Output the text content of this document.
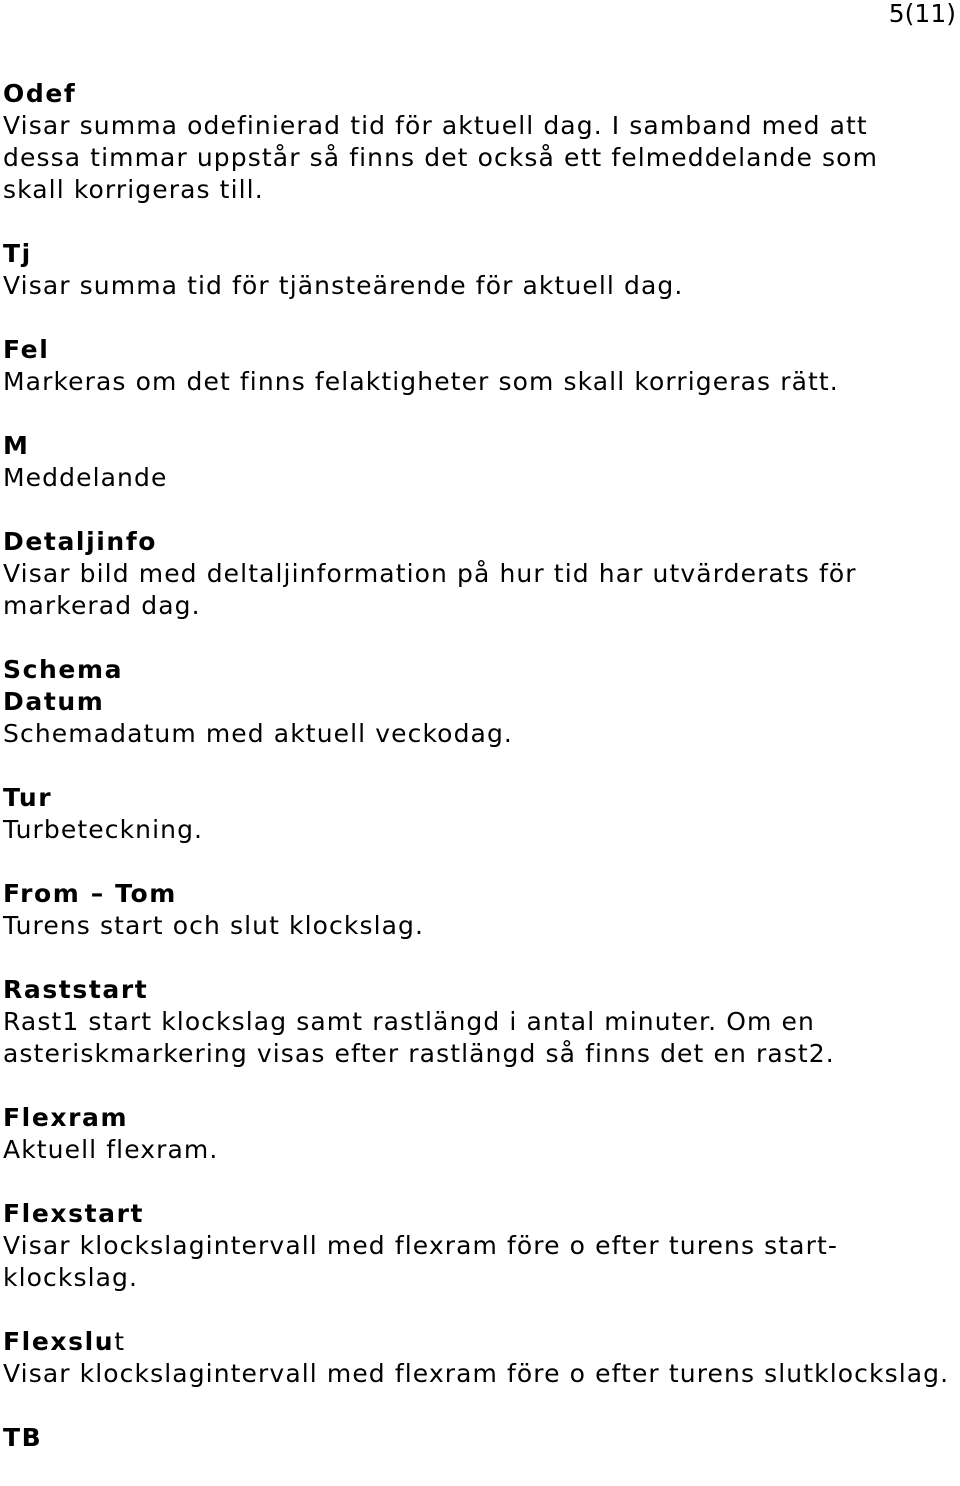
5(11)
Odef
Visar summa odefinierad tid för aktuell dag. I samband med att dessa timmar uppstår så finns det också ett felmeddelande som skall korrigeras till.
Tj
Visar summa tid för tjänsteärende för aktuell dag.
Fel
Markeras om det finns felaktigheter som skall korrigeras rätt.
M
Meddelande
Detaljinfo
Visar bild med deltaljinformation på hur tid har utvärderats för markerad dag.
Schema
Datum
Schemadatum med aktuell veckodag.
Tur
Turbeteckning.
From – Tom
Turens start och slut klockslag.
Raststart
Rast1 start klockslag samt rastlängd i antal minuter. Om en asteriskmarkering visas efter rastlängd så finns det en rast2.
Flexram
Aktuell flexram.
Flexstart
Visar klockslagintervall med flexram före o efter turens start-klockslag.
Flexslut
Visar klockslagintervall med flexram före o efter turens slutklockslag.
TB
